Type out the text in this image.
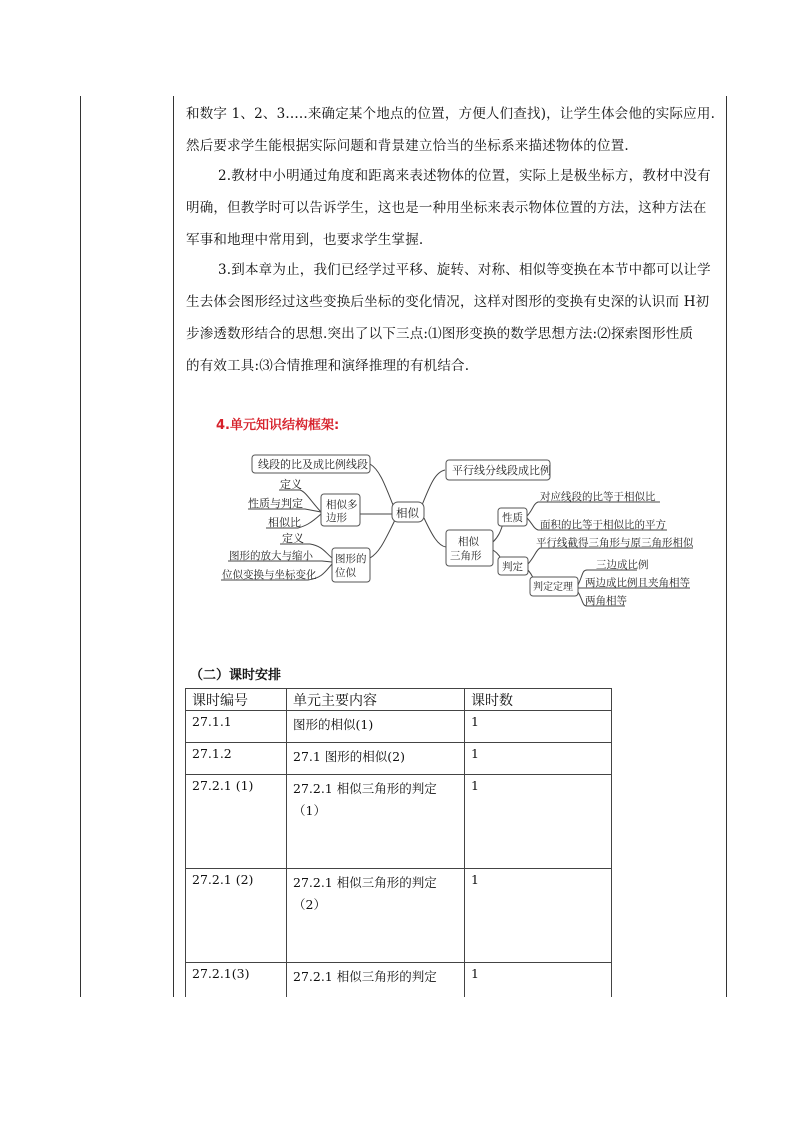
和数字 1、2、3.....来确定某个地点的位置，方便人们查找)，让学生体会他的实际应用.
然后要求学生能根据实际问题和背景建立恰当的坐标系来描述物体的位置.
2.教材中小明通过角度和距离来表述物体的位置，实际上是极坐标方，教材中没有
明确，但教学时可以告诉学生，这也是一种用坐标来表示物体位置的方法，这种方法在
军事和地理中常用到，也要求学生掌握.
3.到本章为止，我们已经学过平移、旋转、对称、相似等变换在本节中都可以让学
生去体会图形经过这些变换后坐标的变化情况，这样对图形的变换有史深的认识而 H初
步渗透数形结合的思想.突出了以下三点:⑴图形变换的数学思想方法:⑵探索图形性质
的有效工具:⑶合情推理和演绎推理的有机结合.
4.单元知识结构框架:
线段的比及成比例线段	平行线分线段成比例
相似
相似多
边形
定义
性质与判定
相似比
图形的
位似
定义
图形的放大与缩小
位似变换与坐标变化
相似
三角形
性质
判定
对应线段的比等于相似比
面积的比等于相似比的平方
平行线截得三角形与原三角形相似
判定定理
三边成比例
两边成比例且夹角相等
两角相等
（二）课时安排
课时编号	单元主要内容	课时数
27.1.1	图形的相似(1)	1
27.1.2	27.1 图形的相似(2)	1
27.2.1 (1)	27.2.1 相似三角形的判定（1）	1
27.2.1 (2)	27.2.1 相似三角形的判定（2）	1
27.2.1(3)	27.2.1 相似三角形的判定	1
